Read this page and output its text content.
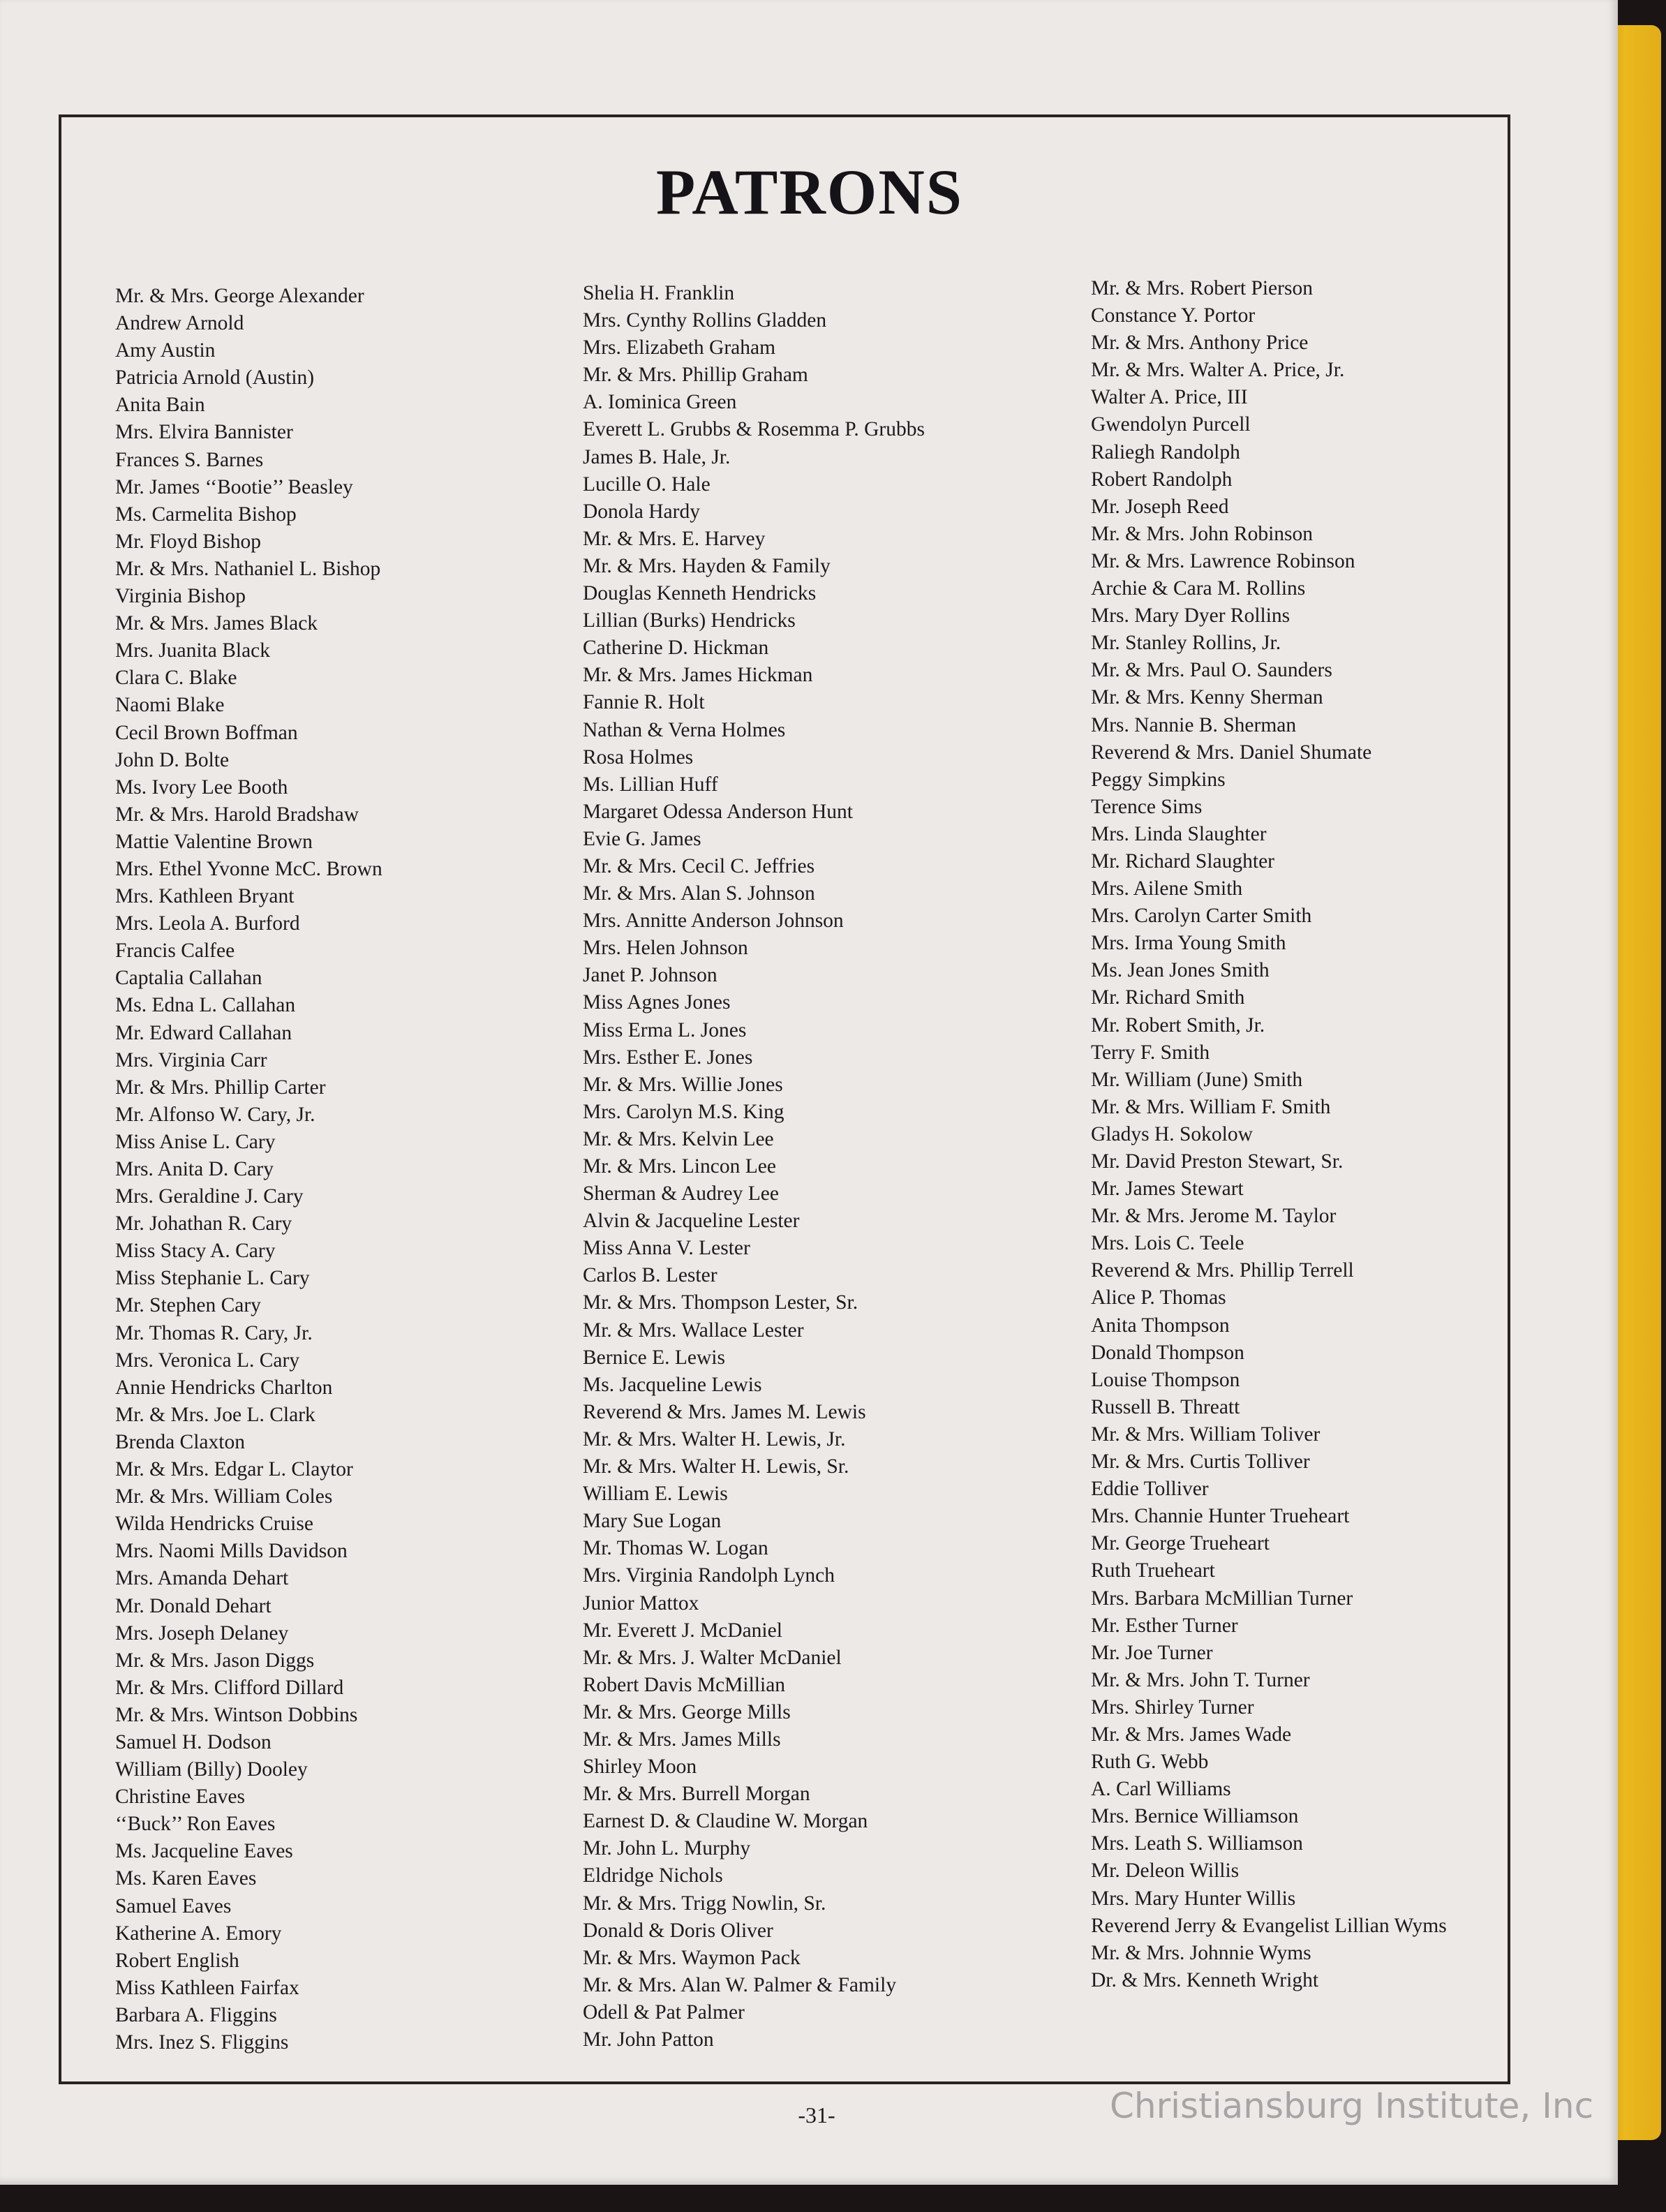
PATRONS
Mr. & Mrs. George Alexander
Andrew Arnold
Amy Austin
Patricia Arnold (Austin)
Anita Bain
Mrs. Elvira Bannister
Frances S. Barnes
Mr. James ‘‘Bootie’’ Beasley
Ms. Carmelita Bishop
Mr. Floyd Bishop
Mr. & Mrs. Nathaniel L. Bishop
Virginia Bishop
Mr. & Mrs. James Black
Mrs. Juanita Black
Clara C. Blake
Naomi Blake
Cecil Brown Boffman
John D. Bolte
Ms. Ivory Lee Booth
Mr. & Mrs. Harold Bradshaw
Mattie Valentine Brown
Mrs. Ethel Yvonne McC. Brown
Mrs. Kathleen Bryant
Mrs. Leola A. Burford
Francis Calfee
Captalia Callahan
Ms. Edna L. Callahan
Mr. Edward Callahan
Mrs. Virginia Carr
Mr. & Mrs. Phillip Carter
Mr. Alfonso W. Cary, Jr.
Miss Anise L. Cary
Mrs. Anita D. Cary
Mrs. Geraldine J. Cary
Mr. Johathan R. Cary
Miss Stacy A. Cary
Miss Stephanie L. Cary
Mr. Stephen Cary
Mr. Thomas R. Cary, Jr.
Mrs. Veronica L. Cary
Annie Hendricks Charlton
Mr. & Mrs. Joe L. Clark
Brenda Claxton
Mr. & Mrs. Edgar L. Claytor
Mr. & Mrs. William Coles
Wilda Hendricks Cruise
Mrs. Naomi Mills Davidson
Mrs. Amanda Dehart
Mr. Donald Dehart
Mrs. Joseph Delaney
Mr. & Mrs. Jason Diggs
Mr. & Mrs. Clifford Dillard
Mr. & Mrs. Wintson Dobbins
Samuel H. Dodson
William (Billy) Dooley
Christine Eaves
‘‘Buck’’ Ron Eaves
Ms. Jacqueline Eaves
Ms. Karen Eaves
Samuel Eaves
Katherine A. Emory
Robert English
Miss Kathleen Fairfax
Barbara A. Fliggins
Mrs. Inez S. Fliggins
Shelia H. Franklin
Mrs. Cynthy Rollins Gladden
Mrs. Elizabeth Graham
Mr. & Mrs. Phillip Graham
A. Iominica Green
Everett L. Grubbs & Rosemma P. Grubbs
James B. Hale, Jr.
Lucille O. Hale
Donola Hardy
Mr. & Mrs. E. Harvey
Mr. & Mrs. Hayden & Family
Douglas Kenneth Hendricks
Lillian (Burks) Hendricks
Catherine D. Hickman
Mr. & Mrs. James Hickman
Fannie R. Holt
Nathan & Verna Holmes
Rosa Holmes
Ms. Lillian Huff
Margaret Odessa Anderson Hunt
Evie G. James
Mr. & Mrs. Cecil C. Jeffries
Mr. & Mrs. Alan S. Johnson
Mrs. Annitte Anderson Johnson
Mrs. Helen Johnson
Janet P. Johnson
Miss Agnes Jones
Miss Erma L. Jones
Mrs. Esther E. Jones
Mr. & Mrs. Willie Jones
Mrs. Carolyn M.S. King
Mr. & Mrs. Kelvin Lee
Mr. & Mrs. Lincon Lee
Sherman & Audrey Lee
Alvin & Jacqueline Lester
Miss Anna V. Lester
Carlos B. Lester
Mr. & Mrs. Thompson Lester, Sr.
Mr. & Mrs. Wallace Lester
Bernice E. Lewis
Ms. Jacqueline Lewis
Reverend & Mrs. James M. Lewis
Mr. & Mrs. Walter H. Lewis, Jr.
Mr. & Mrs. Walter H. Lewis, Sr.
William E. Lewis
Mary Sue Logan
Mr. Thomas W. Logan
Mrs. Virginia Randolph Lynch
Junior Mattox
Mr. Everett J. McDaniel
Mr. & Mrs. J. Walter McDaniel
Robert Davis McMillian
Mr. & Mrs. George Mills
Mr. & Mrs. James Mills
Shirley Moon
Mr. & Mrs. Burrell Morgan
Earnest D. & Claudine W. Morgan
Mr. John L. Murphy
Eldridge Nichols
Mr. & Mrs. Trigg Nowlin, Sr.
Donald & Doris Oliver
Mr. & Mrs. Waymon Pack
Mr. & Mrs. Alan W. Palmer & Family
Odell & Pat Palmer
Mr. John Patton
Mr. & Mrs. Robert Pierson
Constance Y. Portor
Mr. & Mrs. Anthony Price
Mr. & Mrs. Walter A. Price, Jr.
Walter A. Price, III
Gwendolyn Purcell
Raliegh Randolph
Robert Randolph
Mr. Joseph Reed
Mr. & Mrs. John Robinson
Mr. & Mrs. Lawrence Robinson
Archie & Cara M. Rollins
Mrs. Mary Dyer Rollins
Mr. Stanley Rollins, Jr.
Mr. & Mrs. Paul O. Saunders
Mr. & Mrs. Kenny Sherman
Mrs. Nannie B. Sherman
Reverend & Mrs. Daniel Shumate
Peggy Simpkins
Terence Sims
Mrs. Linda Slaughter
Mr. Richard Slaughter
Mrs. Ailene Smith
Mrs. Carolyn Carter Smith
Mrs. Irma Young Smith
Ms. Jean Jones Smith
Mr. Richard Smith
Mr. Robert Smith, Jr.
Terry F. Smith
Mr. William (June) Smith
Mr. & Mrs. William F. Smith
Gladys H. Sokolow
Mr. David Preston Stewart, Sr.
Mr. James Stewart
Mr. & Mrs. Jerome M. Taylor
Mrs. Lois C. Teele
Reverend & Mrs. Phillip Terrell
Alice P. Thomas
Anita Thompson
Donald Thompson
Louise Thompson
Russell B. Threatt
Mr. & Mrs. William Toliver
Mr. & Mrs. Curtis Tolliver
Eddie Tolliver
Mrs. Channie Hunter Trueheart
Mr. George Trueheart
Ruth Trueheart
Mrs. Barbara McMillian Turner
Mr. Esther Turner
Mr. Joe Turner
Mr. & Mrs. John T. Turner
Mrs. Shirley Turner
Mr. & Mrs. James Wade
Ruth G. Webb
A. Carl Williams
Mrs. Bernice Williamson
Mrs. Leath S. Williamson
Mr. Deleon Willis
Mrs. Mary Hunter Willis
Reverend Jerry & Evangelist Lillian Wyms
Mr. & Mrs. Johnnie Wyms
Dr. & Mrs. Kenneth Wright
-31-	Christiansburg Institute, Inc
